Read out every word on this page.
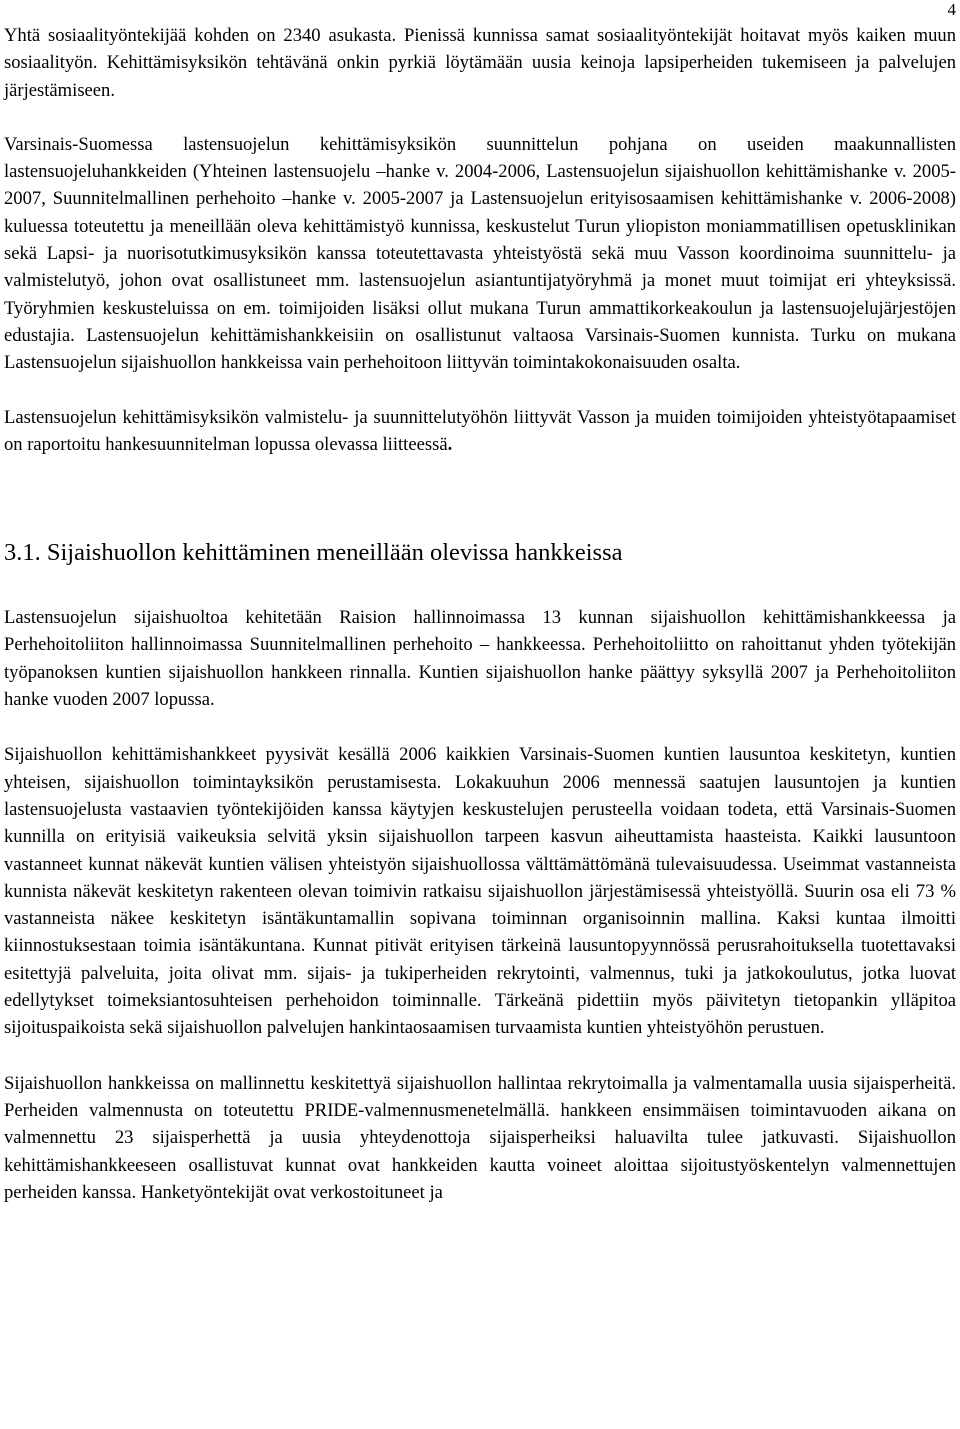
4

Yhtä sosiaalityöntekijää kohden on 2340 asukasta. Pienissä kunnissa samat sosiaalityöntekijät hoitavat myös kaiken muun sosiaalityön. Kehittämisyksikön tehtävänä onkin pyrkiä löytämään uusia keinoja lapsiperheiden tukemiseen ja palvelujen järjestämiseen.

Varsinais-Suomessa lastensuojelun kehittämisyksikön suunnittelun pohjana on useiden maakunnallisten lastensuojeluhankkeiden (Yhteinen lastensuojelu –hanke v. 2004-2006, Lastensuojelun sijaishuollon kehittämishanke v. 2005-2007, Suunnitelmallinen perhehoito –hanke v. 2005-2007 ja Lastensuojelun erityisosaamisen kehittämishanke v. 2006-2008) kuluessa toteutettu ja meneillään oleva kehittämistyö kunnissa, keskustelut Turun yliopiston moniammatillisen opetusklinikan sekä Lapsi- ja nuorisotutkimusyksikön kanssa toteutettavasta yhteistyöstä sekä muu Vasson koordinoima suunnittelu- ja valmistelutyö, johon ovat osallistuneet mm. lastensuojelun asiantuntijatyöryhmä ja monet muut toimijat eri yhteyksissä. Työryhmien keskusteluissa on em. toimijoiden lisäksi ollut mukana Turun ammattikorkeakoulun ja lastensuojelujärjestöjen edustajia. Lastensuojelun kehittämishankkeisiin on osallistunut valtaosa Varsinais-Suomen kunnista. Turku on mukana Lastensuojelun sijaishuollon hankkeissa vain perhehoitoon liittyvän toimintakokonaisuuden osalta.

Lastensuojelun kehittämisyksikön valmistelu- ja suunnittelutyöhön liittyvät Vasson ja muiden toimijoiden yhteistyötapaamiset on raportoitu hankesuunnitelman lopussa olevassa liitteessä.

3.1. Sijaishuollon kehittäminen meneillään olevissa hankkeissa

Lastensuojelun sijaishuoltoa kehitetään Raision hallinnoimassa 13 kunnan sijaishuollon kehittämishankkeessa ja Perhehoitoliiton hallinnoimassa Suunnitelmallinen perhehoito – hankkeessa. Perhehoitoliitto on rahoittanut yhden työtekijän työpanoksen kuntien sijaishuollon hankkeen rinnalla. Kuntien sijaishuollon hanke päättyy syksyllä 2007 ja Perhehoitoliiton hanke vuoden 2007 lopussa.

Sijaishuollon kehittämishankkeet pyysivät kesällä 2006 kaikkien Varsinais-Suomen kuntien lausuntoa keskitetyn, kuntien yhteisen, sijaishuollon toimintayksikön perustamisesta. Lokakuuhun 2006 mennessä saatujen lausuntojen ja kuntien lastensuojelusta vastaavien työntekijöiden kanssa käytyjen keskustelujen perusteella voidaan todeta, että Varsinais-Suomen kunnilla on erityisiä vaikeuksia selvitä yksin sijaishuollon tarpeen kasvun aiheuttamista haasteista. Kaikki lausuntoon vastanneet kunnat näkevät kuntien välisen yhteistyön sijaishuollossa välttämättömänä tulevaisuudessa. Useimmat vastanneista kunnista näkevät keskitetyn rakenteen olevan toimivin ratkaisu sijaishuollon järjestämisessä yhteistyöllä. Suurin osa eli 73 % vastanneista näkee keskitetyn isäntäkuntamallin sopivana toiminnan organisoinnin mallina. Kaksi kuntaa ilmoitti kiinnostuksestaan toimia isäntäkuntana. Kunnat pitivät erityisen tärkeinä lausuntopyynnössä perusrahoituksella tuotettavaksi esitettyjä palveluita, joita olivat mm. sijais- ja tukiperheiden rekrytointi, valmennus, tuki ja jatkokoulutus, jotka luovat edellytykset toimeksiantosuhteisen perhehoidon toiminnalle. Tärkeänä pidettiin myös päivitetyn tietopankin ylläpitoa sijoituspaikoista sekä sijaishuollon palvelujen hankintaosaamisen turvaamista kuntien yhteistyöhön perustuen.

Sijaishuollon hankkeissa on mallinnettu keskitettyä sijaishuollon hallintaa rekrytoimalla ja valmentamalla uusia sijaisperheitä. Perheiden valmennusta on toteutettu PRIDE-valmennusmenetelmällä. hankkeen ensimmäisen toimintavuoden aikana on valmennettu 23 sijaisperhettä ja uusia yhteydenottoja sijaisperheiksi haluavilta tulee jatkuvasti. Sijaishuollon kehittämishankkeeseen osallistuvat kunnat ovat hankkeiden kautta voineet aloittaa sijoitustyöskentelyn valmennettujen perheiden kanssa. Hanketyöntekijät ovat verkostoituneet ja
